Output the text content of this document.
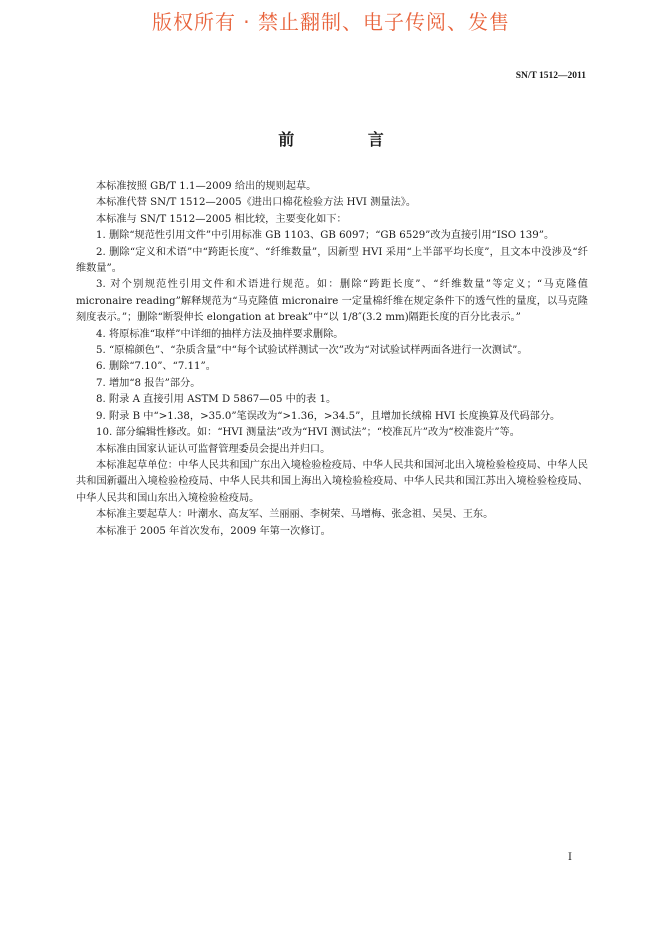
版权所有 · 禁止翻制、电子传阅、发售
SN/T 1512—2011
前 言

本标准按照 GB/T 1.1—2009 给出的规则起草。

本标准代替 SN/T 1512—2005《进出口棉花检验方法 HVI 测量法》。

本标准与 SN/T 1512—2005 相比较，主要变化如下：

1. 删除“规范性引用文件”中引用标准 GB 1103、GB 6097；“GB 6529”改为直接引用“ISO 139”。

2. 删除“定义和术语”中“跨距长度”、“纤维数量”，因新型 HVI 采用“上半部平均长度”，且文本中没涉及“纤维数量”。

3. 对个别规范性引用文件和术语进行规范。如：删除“跨距长度”、“纤维数量”等定义；“马克隆值 micronaire reading”解释规范为“马克隆值 micronaire 一定量棉纤维在规定条件下的透气性的量度，以马克隆刻度表示。”；删除“断裂伸长 elongation at break”中“以 1/8″(3.2 mm)隔距长度的百分比表示。”

4. 将原标准“取样”中详细的抽样方法及抽样要求删除。

5. “原棉颜色”、“杂质含量”中“每个试验试样测试一次”改为“对试验试样两面各进行一次测试”。

6. 删除“7.10”、“7.11”。

7. 增加“8 报告”部分。

8. 附录 A 直接引用 ASTM D 5867—05 中的表 1。

9. 附录 B 中“>1.38，>35.0”笔误改为“>1.36，>34.5”，且增加长绒棉 HVI 长度换算及代码部分。

10. 部分编辑性修改。如：“HVI 测量法”改为“HVI 测试法”；“校准瓦片”改为“校准瓷片”等。

本标准由国家认证认可监督管理委员会提出并归口。

本标准起草单位：中华人民共和国广东出入境检验检疫局、中华人民共和国河北出入境检验检疫局、中华人民共和国新疆出入境检验检疫局、中华人民共和国上海出入境检验检疫局、中华人民共和国江苏出入境检验检疫局、中华人民共和国山东出入境检验检疫局。

本标准主要起草人：叶潮水、高友军、兰丽丽、李树荣、马增梅、张念祖、吴昊、王东。

本标准于 2005 年首次发布，2009 年第一次修订。

I
